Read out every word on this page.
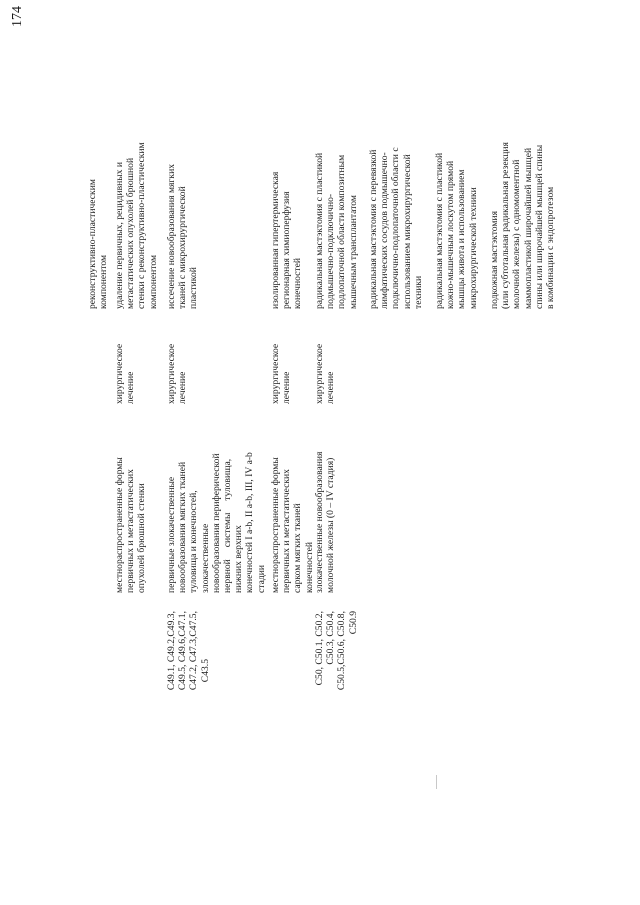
174
реконструктивно-пластическим компонентом
местнораспространенные формы первичных и метастатических опухолей брюшной стенки
хирургическое лечение
удаление первичных, рецидивных и метастатических опухолей брюшной стенки с реконструктивно-пластическим компонентом
C49.1, C49.2,C49.3, C49.5, C49.6,C47.1, C47.2, C47.3,C47.5, C43.5
первичные злокачественные новообразования мягких тканей туловища и конечностей, злокачественные новообразования периферической нервной     системы     туловища, нижних верхних конечностей I a-b, II a-b, III, IV a-b стадии
хирургическое лечение
иссечение новообразования мягких тканей с микрохирургической пластикой
местнораспространенные формы первичных и метастатических сарком мягких тканей конечностей
хирургическое лечение
изолированная гипертермическая регионарная химиоперфузия конечностей
C50, C50.1, C50.2, C50.3, C50.4, C50.5,C50.6, C50.8, C50.9
злокачественные новообразования молочной железы (0 – IV стадия)
хирургическое лечение
радикальная мастэктомия с пластикой подмышечно-подключично- подлопаточной области композитным мышечным трансплантатом радикальная мастэктомия с перевязкой лимфатических сосудов подмышечно- подключично-подлопаточной области с использованием микрохирургической техники радикальная мастэктомия с пластикой кожно-мышечным лоскутом прямой мышцы живота и использованием микрохирургической техники подкожная мастэктомия (или субтотальная радикальная резекция молочной железы) с одномоментной маммопластикой широчайшей мышцей спины или широчайшей мышцей спины в комбинации с эндопротезом
